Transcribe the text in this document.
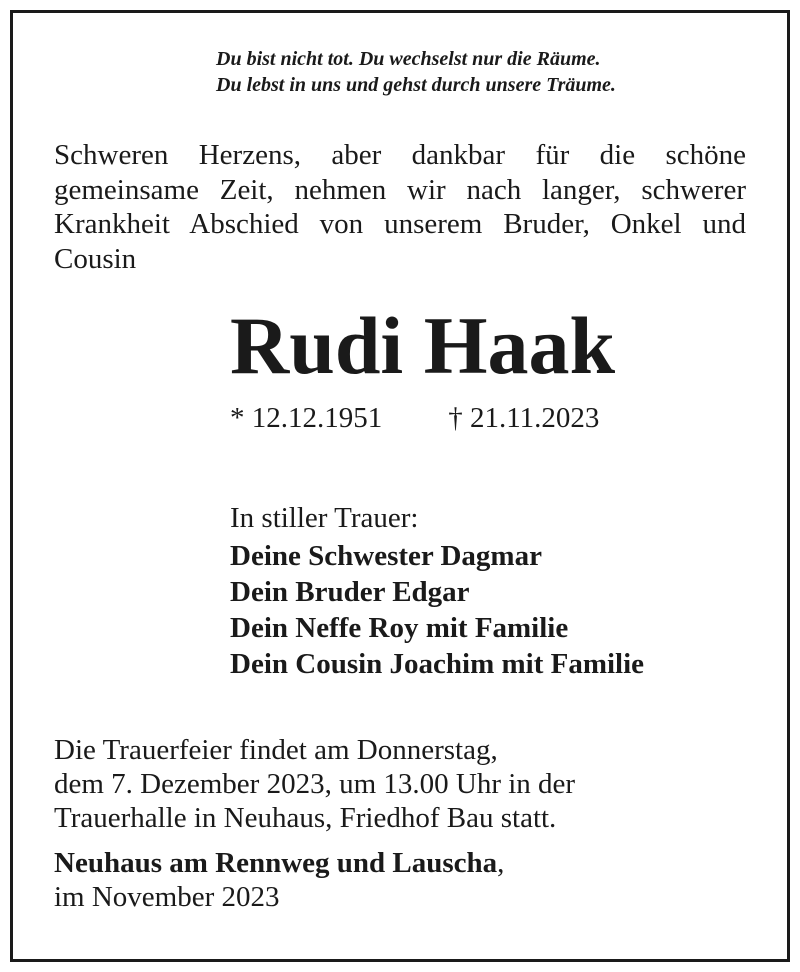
Du bist nicht tot. Du wechselst nur die Räume.
Du lebst in uns und gehst durch unsere Träume.

Schweren Herzens, aber dankbar für die schöne gemeinsame Zeit, nehmen wir nach langer, schwerer Krankheit Abschied von unserem Bruder, Onkel und Cousin

Rudi Haak
* 12.12.1951 † 21.11.2023
In stiller Trauer:
Deine Schwester Dagmar
Dein Bruder Edgar
Dein Neffe Roy mit Familie
Dein Cousin Joachim mit Familie

Die Trauerfeier findet am Donnerstag,
dem 7. Dezember 2023, um 13.00 Uhr in der
Trauerhalle in Neuhaus, Friedhof Bau statt.

Neuhaus am Rennweg und Lauscha,
im November 2023
